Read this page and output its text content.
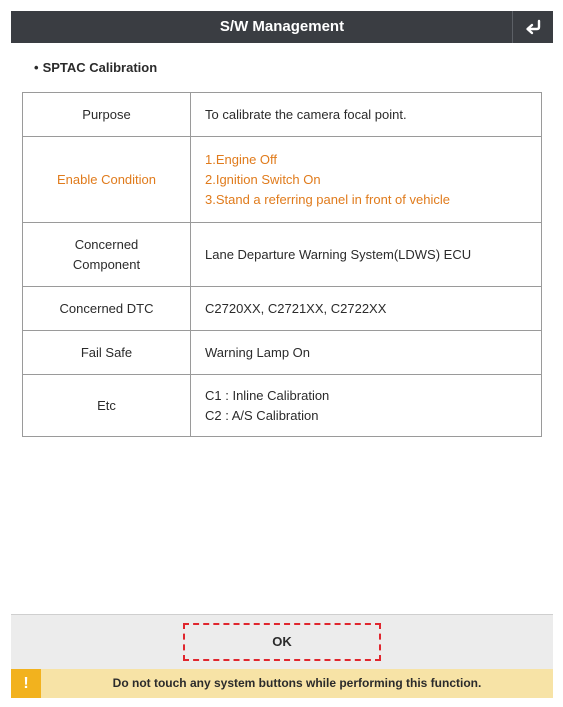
S/W Management
• SPTAC Calibration
Purpose	To calibrate the camera focal point.

Enable Condition	1.Engine Off
2.Ignition Switch On
3.Stand a referring panel in front of vehicle

Concerned
Component	Lane Departure Warning System(LDWS) ECU

Concerned DTC	C2720XX, C2721XX, C2722XX

Fail Safe	Warning Lamp On

Etc	C1 : Inline Calibration
C2 : A/S Calibration
OK
!	Do not touch any system buttons while performing this function.
